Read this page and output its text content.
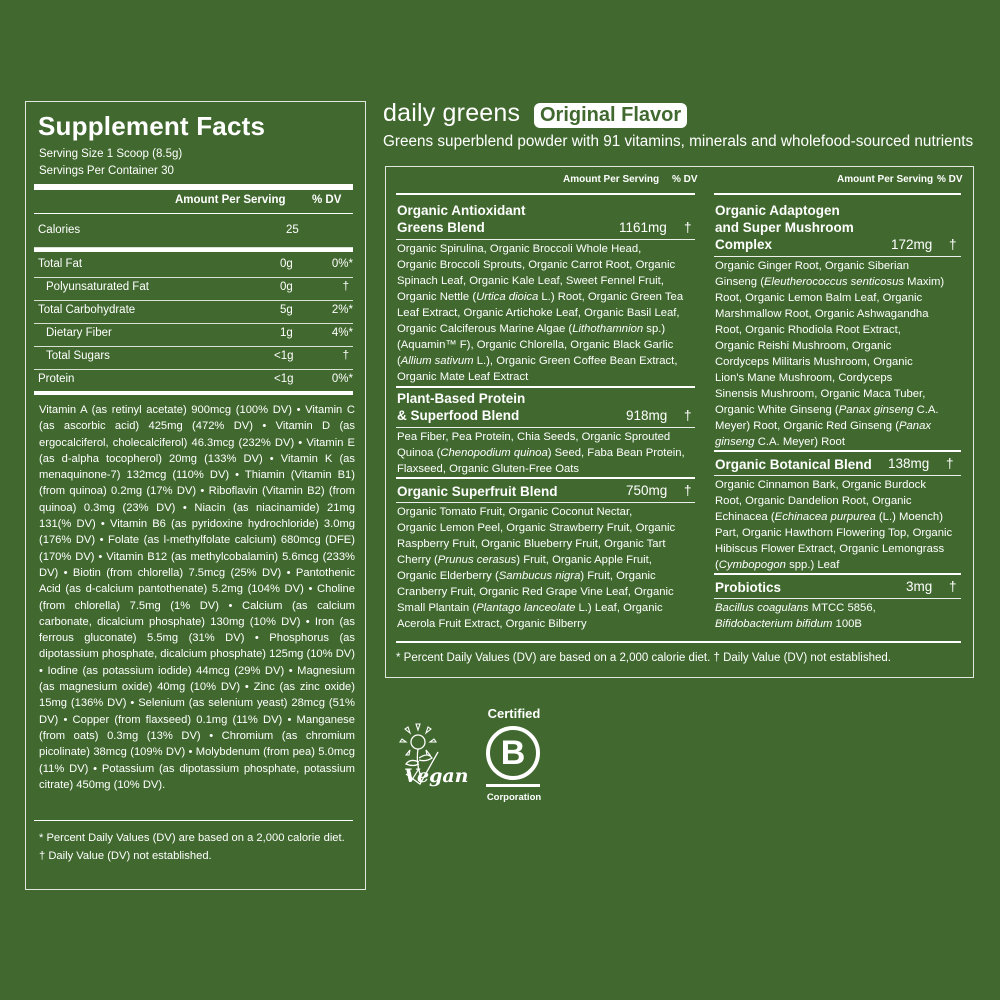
Supplement Facts
Serving Size 1 Scoop (8.5g)
Servings Per Container 30
Amount Per Serving % DV
Calories	25
Total Fat	0g	0%*
Polyunsaturated Fat	0g	†
Total Carbohydrate	5g	2%*
Dietary Fiber	1g	4%*
Total Sugars	<1g	†
Protein	<1g	0%*
Vitamin A (as retinyl acetate) 900mcg (100% DV) • Vitamin C (as ascorbic acid) 425mg (472% DV) • Vitamin D (as ergocalciferol, cholecalciferol) 46.3mcg (232% DV) • Vitamin E (as d-alpha tocopherol) 20mg (133% DV) • Vitamin K (as menaquinone-7) 132mcg (110% DV) • Thiamin (Vitamin B1) (from quinoa) 0.2mg (17% DV) • Riboflavin (Vitamin B2) (from quinoa) 0.3mg (23% DV) • Niacin (as niacinamide) 21mg 131(% DV) • Vitamin B6 (as pyridoxine hydrochloride) 3.0mg (176% DV) • Folate (as l-methylfolate calcium) 680mcg (DFE) (170% DV) • Vitamin B12 (as methylcobalamin) 5.6mcg (233% DV) • Biotin (from chlorella) 7.5mcg (25% DV) • Pantothenic Acid (as d-calcium pantothenate) 5.2mg (104% DV) • Choline (from chlorella) 7.5mg (1% DV) • Calcium (as calcium carbonate, dicalcium phosphate) 130mg (10% DV) • Iron (as ferrous gluconate) 5.5mg (31% DV) • Phosphorus (as dipotassium phosphate, dicalcium phosphate) 125mg (10% DV) • Iodine (as potassium iodide) 44mcg (29% DV) • Magnesium (as magnesium oxide) 40mg (10% DV) • Zinc (as zinc oxide) 15mg (136% DV) • Selenium (as selenium yeast) 28mcg (51% DV) • Copper (from flaxseed) 0.1mg (11% DV) • Manganese (from oats) 0.3mg (13% DV) • Chromium (as chromium picolinate) 38mcg (109% DV) • Molybdenum (from pea) 5.0mcg (11% DV) • Potassium (as dipotassium phosphate, potassium citrate) 450mg (10% DV).
* Percent Daily Values (DV) are based on a 2,000 calorie diet.
† Daily Value (DV) not established.
daily greens Original Flavor
Greens superblend powder with 91 vitamins, minerals and wholefood-sourced nutrients
Amount Per Serving % DV	Amount Per Serving % DV
Organic Antioxidant
Greens Blend	1161mg †
Organic Spirulina, Organic Broccoli Whole Head,
Organic Broccoli Sprouts, Organic Carrot Root, Organic
Spinach Leaf, Organic Kale Leaf, Sweet Fennel Fruit,
Organic Nettle (Urtica dioica L.) Root, Organic Green Tea
Leaf Extract, Organic Artichoke Leaf, Organic Basil Leaf,
Organic Calciferous Marine Algae (Lithothamnion sp.)
(Aquamin™ F), Organic Chlorella, Organic Black Garlic
(Allium sativum L.), Organic Green Coffee Bean Extract,
Organic Mate Leaf Extract
Plant-Based Protein
& Superfood Blend	918mg †
Pea Fiber, Pea Protein, Chia Seeds, Organic Sprouted
Quinoa (Chenopodium quinoa) Seed, Faba Bean Protein,
Flaxseed, Organic Gluten-Free Oats
Organic Superfruit Blend	750mg †
Organic Tomato Fruit, Organic Coconut Nectar,
Organic Lemon Peel, Organic Strawberry Fruit, Organic
Raspberry Fruit, Organic Blueberry Fruit, Organic Tart
Cherry (Prunus cerasus) Fruit, Organic Apple Fruit,
Organic Elderberry (Sambucus nigra) Fruit, Organic
Cranberry Fruit, Organic Red Grape Vine Leaf, Organic
Small Plantain (Plantago lanceolate L.) Leaf, Organic
Acerola Fruit Extract, Organic Bilberry
Organic Adaptogen
and Super Mushroom
Complex	172mg †
Organic Ginger Root, Organic Siberian
Ginseng (Eleutherococcus senticosus Maxim)
Root, Organic Lemon Balm Leaf, Organic
Marshmallow Root, Organic Ashwagandha
Root, Organic Rhodiola Root Extract,
Organic Reishi Mushroom, Organic
Cordyceps Militaris Mushroom, Organic
Lion's Mane Mushroom, Cordyceps
Sinensis Mushroom, Organic Maca Tuber,
Organic White Ginseng (Panax ginseng C.A.
Meyer) Root, Organic Red Ginseng (Panax
ginseng C.A. Meyer) Root
Organic Botanical Blend 138mg †
Organic Cinnamon Bark, Organic Burdock
Root, Organic Dandelion Root, Organic
Echinacea (Echinacea purpurea (L.) Moench)
Part, Organic Hawthorn Flowering Top, Organic
Hibiscus Flower Extract, Organic Lemongrass
(Cymbopogon spp.) Leaf
Probiotics	3mg †
Bacillus coagulans MTCC 5856,
Bifidobacterium bifidum 100B
* Percent Daily Values (DV) are based on a 2,000 calorie diet. † Daily Value (DV) not established.
Vegan
Certified
B
Corporation
